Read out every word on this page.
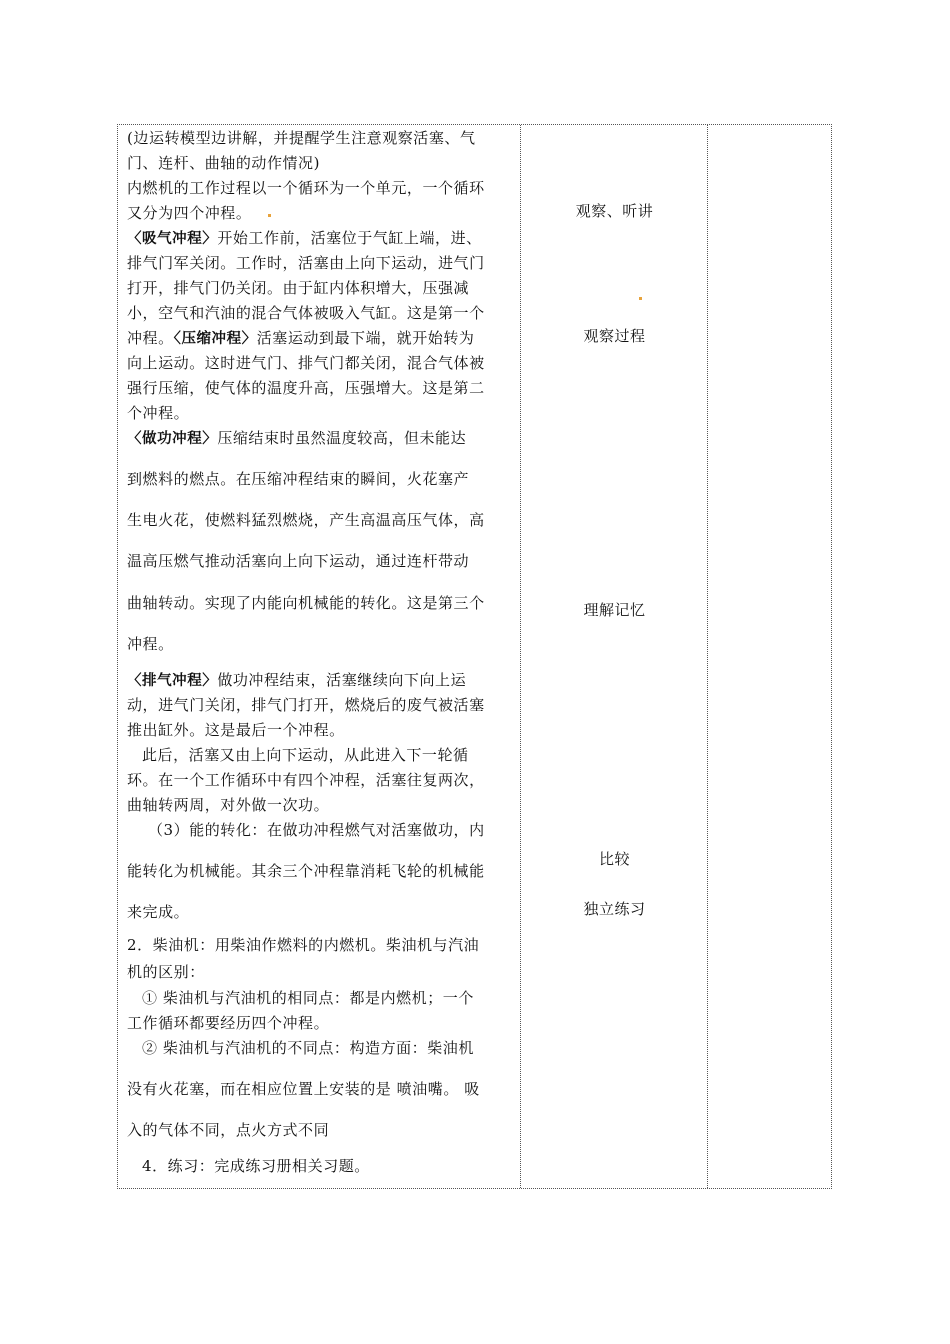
(边运转模型边讲解，并提醒学生注意观察活塞、气
门、连杆、曲轴的动作情况)
内燃机的工作过程以一个循环为一个单元，一个循环
又分为四个冲程。
〈吸气冲程〉开始工作前，活塞位于气缸上端，进、
排气门军关闭。工作时，活塞由上向下运动，进气门
打开，排气门仍关闭。由于缸内体积增大，压强减
小，空气和汽油的混合气体被吸入气缸。这是第一个
冲程。〈压缩冲程〉活塞运动到最下端，就开始转为
向上运动。这时进气门、排气门都关闭，混合气体被
强行压缩，使气体的温度升高，压强增大。这是第二
个冲程。
〈做功冲程〉压缩结束时虽然温度较高，但未能达
到燃料的燃点。在压缩冲程结束的瞬间，火花塞产
生电火花，使燃料猛烈燃烧，产生高温高压气体，高
温高压燃气推动活塞向上向下运动，通过连杆带动
曲轴转动。实现了内能向机械能的转化。这是第三个
冲程。
〈排气冲程〉做功冲程结束，活塞继续向下向上运
动，进气门关闭，排气门打开，燃烧后的废气被活塞
推出缸外。这是最后一个冲程。
此后，活塞又由上向下运动，从此进入下一轮循
环。在一个工作循环中有四个冲程，活塞往复两次，
曲轴转两周，对外做一次功。
（3）能的转化：在做功冲程燃气对活塞做功，内
能转化为机械能。其余三个冲程靠消耗飞轮的机械能
来完成。
2．柴油机：用柴油作燃料的内燃机。柴油机与汽油
机的区别：
① 柴油机与汽油机的相同点：都是内燃机；一个
工作循环都要经历四个冲程。
② 柴油机与汽油机的不同点：构造方面：柴油机
没有火花塞，而在相应位置上安装的是 喷油嘴。 吸
入的气体不同，点火方式不同
4．练习：完成练习册相关习题。
观察、听讲
观察过程
理解记忆
比较
独立练习
